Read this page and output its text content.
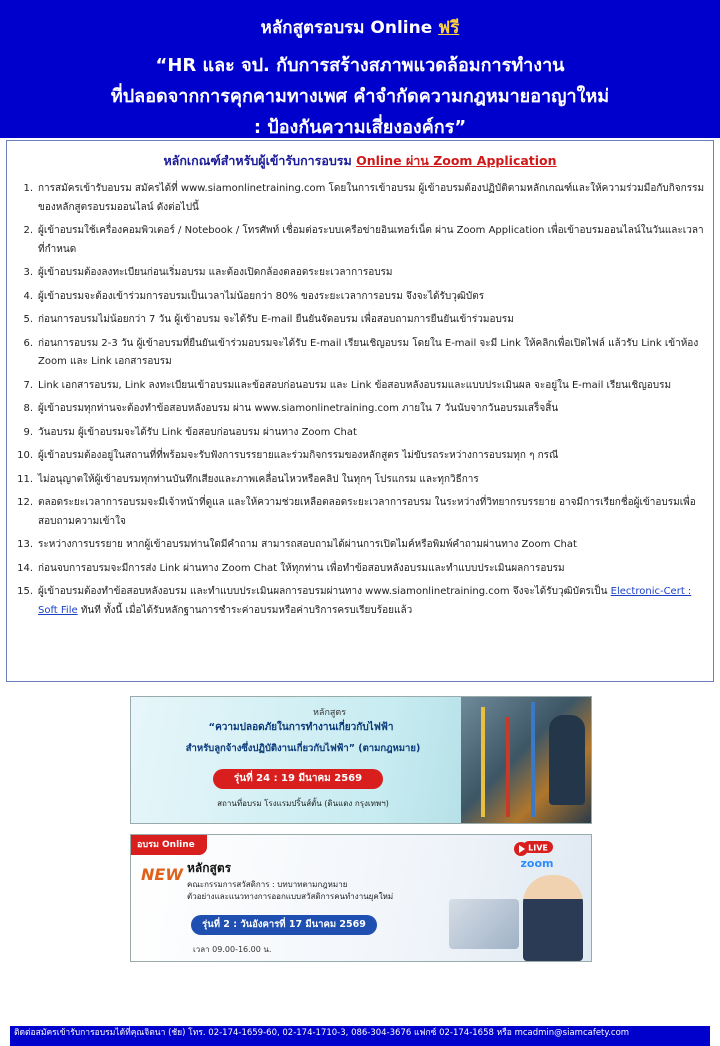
หลักสูตรอบรม Online ฟรี
“HR และ จป. กับการสร้างสภาพแวดล้อมการทำงาน
ที่ปลอดจากการคุกคามทางเพศ คำจำกัดความกฎหมายอาญาใหม่
: ป้องกันความเสี่ยงองค์กร”
หลักเกณฑ์สำหรับผู้เข้ารับการอบรม Online ผ่าน Zoom Application
1. การสมัครเข้ารับอบรม สมัครได้ที่ www.siamonlinetraining.com โดยในการเข้าอบรม ผู้เข้าอบรมต้องปฏิบัติตามหลักเกณฑ์และให้ความร่วมมือกับกิจกรรมของหลักสูตรอบรมออนไลน์ ดังต่อไปนี้
2. ผู้เข้าอบรมใช้เครื่องคอมพิวเตอร์ / Notebook / โทรศัพท์ เชื่อมต่อระบบเครือข่ายอินเทอร์เน็ต ผ่าน Zoom Application เพื่อเข้าอบรมออนไลน์ในวันและเวลาที่กำหนด
3. ผู้เข้าอบรมต้องลงทะเบียนก่อนเริ่มอบรม และต้องเปิดกล้องตลอดระยะเวลาการอบรม
4. ผู้เข้าอบรมจะต้องเข้าร่วมการอบรมเป็นเวลาไม่น้อยกว่า 80% ของระยะเวลาการอบรม จึงจะได้รับวุฒิบัตร
5. ก่อนการอบรมไม่น้อยกว่า 7 วัน ผู้เข้าอบรม จะได้รับ E-mail ยืนยันจัดอบรม เพื่อสอบถามการยืนยันเข้าร่วมอบรม
6. ก่อนการอบรม 2-3 วัน ผู้เข้าอบรมที่ยืนยันเข้าร่วมอบรมจะได้รับ E-mail เรียนเชิญอบรม โดยใน E-mail จะมี Link ให้คลิกเพื่อเปิดไฟล์ แล้วรับ Link เข้าห้อง Zoom และ Link เอกสารอบรม
7. Link เอกสารอบรม, Link ลงทะเบียนเข้าอบรมและข้อสอบก่อนอบรม และ Link ข้อสอบหลังอบรมและแบบประเมินผล จะอยู่ใน E-mail เรียนเชิญอบรม
8. ผู้เข้าอบรมทุกท่านจะต้องทำข้อสอบหลังอบรม ผ่าน www.siamonlinetraining.com ภายใน 7 วันนับจากวันอบรมเสร็จสิ้น
9. วันอบรม ผู้เข้าอบรมจะได้รับ Link ข้อสอบก่อนอบรม ผ่านทาง Zoom Chat
10. ผู้เข้าอบรมต้องอยู่ในสถานที่ที่พร้อมจะรับฟังการบรรยายและร่วมกิจกรรมของหลักสูตร ไม่ขับรถระหว่างการอบรมทุก ๆ กรณี
11. ไม่อนุญาตให้ผู้เข้าอบรมทุกท่านบันทึกเสียงและภาพเคลื่อนไหวหรือคลิป ในทุกๆ โปรแกรม และทุกวิธีการ
12. ตลอดระยะเวลาการอบรมจะมีเจ้าหน้าที่ดูแล และให้ความช่วยเหลือตลอดระยะเวลาการอบรม ในระหว่างที่วิทยากรบรรยาย อาจมีการเรียกชื่อผู้เข้าอบรมเพื่อสอบถามความเข้าใจ
13. ระหว่างการบรรยาย หากผู้เข้าอบรมท่านใดมีคำถาม สามารถสอบถามได้ผ่านการเปิดไมค์หรือพิมพ์คำถามผ่านทาง Zoom Chat
14. ก่อนจบการอบรมจะมีการส่ง Link ผ่านทาง Zoom Chat ให้ทุกท่าน เพื่อทำข้อสอบหลังอบรมและทำแบบประเมินผลการอบรม
15. ผู้เข้าอบรมต้องทำข้อสอบหลังอบรม และทำแบบประเมินผลการอบรมผ่านทาง www.siamonlinetraining.com จึงจะได้รับวุฒิบัตรเป็น Electronic-Cert : Soft File ทันที ทั้งนี้ เมื่อได้รับหลักฐานการชำระค่าอบรมหรือค่าบริการครบเรียบร้อยแล้ว
หลักสูตร
“ความปลอดภัยในการทำงานเกี่ยวกับไฟฟ้า
สำหรับลูกจ้างซึ่งปฏิบัติงานเกี่ยวกับไฟฟ้า” (ตามกฎหมาย)
รุ่นที่ 24 : 19 มีนาคม 2569
สถานที่อบรม โรงแรมปริ้นส์ตั้น (ดินแดง กรุงเทพฯ)
อบรม Online
NEW หลักสูตร
คณะกรรมการสวัสดิการ : บทบาทตามกฎหมาย
ตัวอย่างและแนวทางการออกแบบสวัสดิการคนทำงานยุคใหม่
รุ่นที่ 2 : วันอังคารที่ 17 มีนาคม 2569
เวลา 09.00-16.00 น.
LIVE
zoom
ติดต่อสมัครเข้ารับการอบรมได้ที่คุณจิตนา (ชัย) โทร. 02-174-1659-60, 02-174-1710-3, 086-304-3676 แฟกซ์ 02-174-1658 หรือ mcadmin@siamcafety.com
